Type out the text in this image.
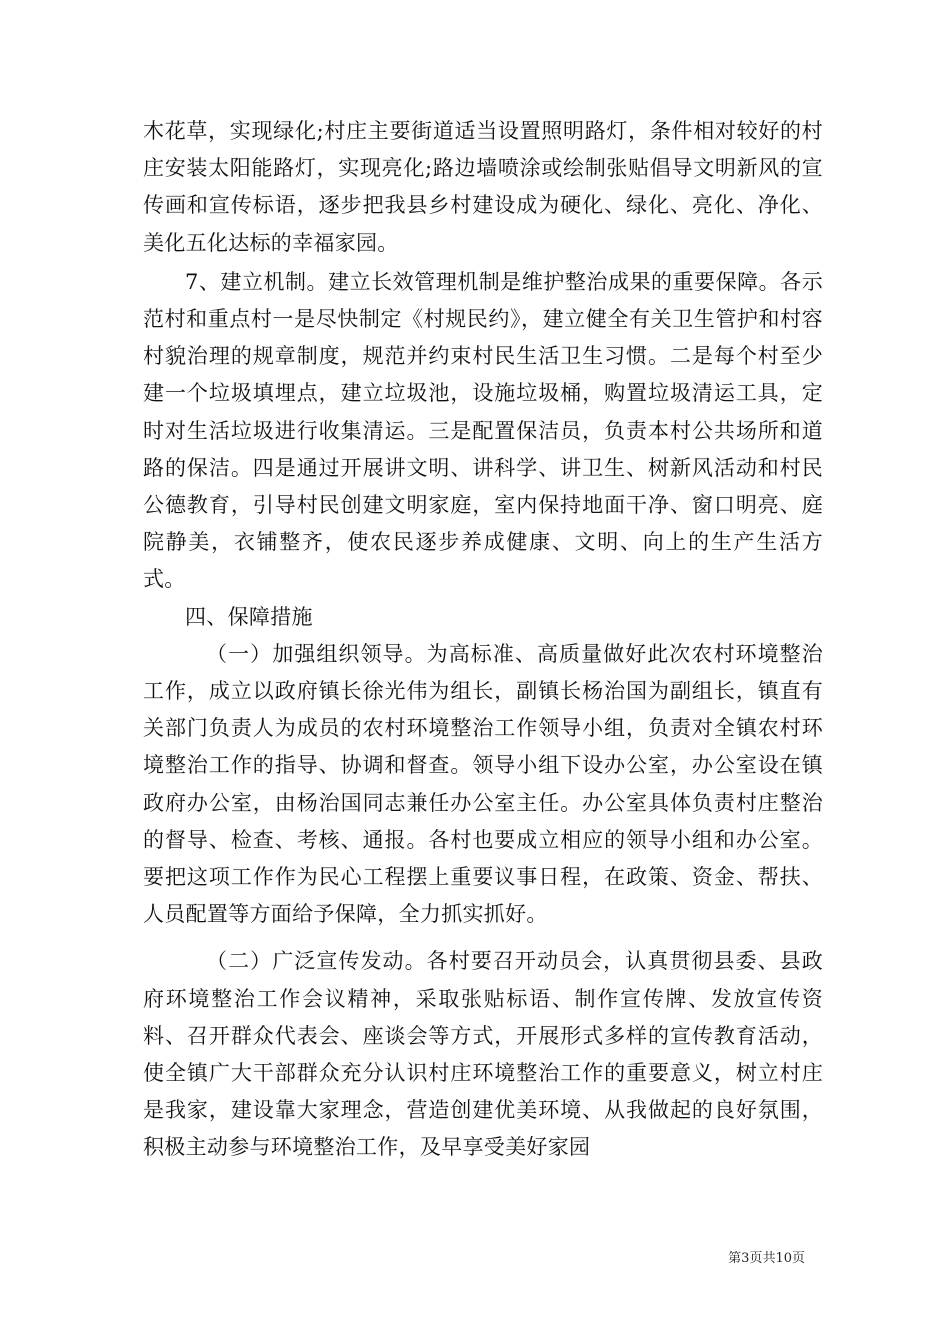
木花草，实现绿化;村庄主要街道适当设置照明路灯，条件相对较好的村庄安装太阳能路灯，实现亮化;路边墙喷涂或绘制张贴倡导文明新风的宣传画和宣传标语，逐步把我县乡村建设成为硬化、绿化、亮化、净化、美化五化达标的幸福家园。

7、建立机制。建立长效管理机制是维护整治成果的重要保障。各示范村和重点村一是尽快制定《村规民约》，建立健全有关卫生管护和村容村貌治理的规章制度，规范并约束村民生活卫生习惯。二是每个村至少建一个垃圾填埋点，建立垃圾池，设施垃圾桶，购置垃圾清运工具，定时对生活垃圾进行收集清运。三是配置保洁员，负责本村公共场所和道路的保洁。四是通过开展讲文明、讲科学、讲卫生、树新风活动和村民公德教育，引导村民创建文明家庭，室内保持地面干净、窗口明亮、庭院静美，衣铺整齐，使农民逐步养成健康、文明、向上的生产生活方式。

四、保障措施

（一）加强组织领导。为高标准、高质量做好此次农村环境整治工作，成立以政府镇长徐光伟为组长，副镇长杨治国为副组长，镇直有关部门负责人为成员的农村环境整治工作领导小组，负责对全镇农村环境整治工作的指导、协调和督查。领导小组下设办公室，办公室设在镇政府办公室，由杨治国同志兼任办公室主任。办公室具体负责村庄整治的督导、检查、考核、通报。各村也要成立相应的领导小组和办公室。要把这项工作作为民心工程摆上重要议事日程，在政策、资金、帮扶、人员配置等方面给予保障，全力抓实抓好。

（二）广泛宣传发动。各村要召开动员会，认真贯彻县委、县政府环境整治工作会议精神，采取张贴标语、制作宣传牌、发放宣传资料、召开群众代表会、座谈会等方式，开展形式多样的宣传教育活动，使全镇广大干部群众充分认识村庄环境整治工作的重要意义，树立村庄是我家，建设靠大家理念，营造创建优美环境、从我做起的良好氛围，积极主动参与环境整治工作，及早享受美好家园

第3页共10页
